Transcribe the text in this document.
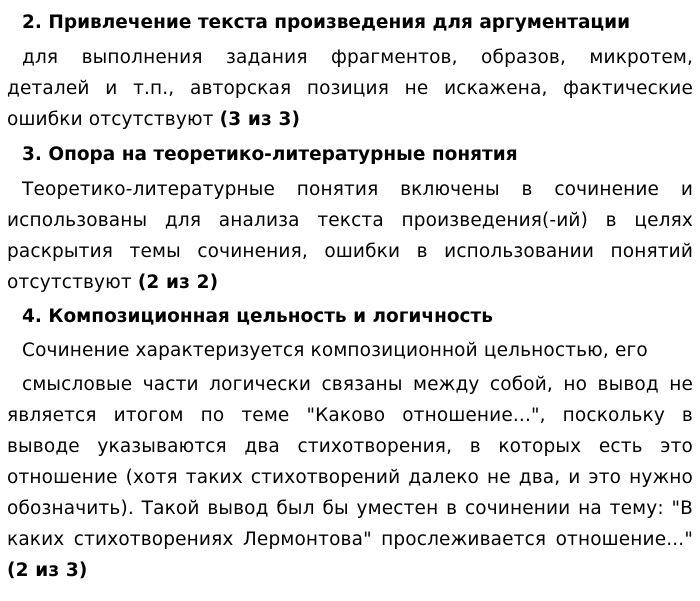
2. Привлечение текста произведения для аргументации

для выполнения задания фрагментов, образов, микротем, деталей и т.п., авторская позиция не искажена, фактические ошибки отсутствуют (3 из 3)

3. Опора на теоретико-литературные понятия

Теоретико-литературные понятия включены в сочинение и использованы для анализа текста произведения(-ий) в целях раскрытия темы сочинения, ошибки в использовании понятий отсутствуют (2 из 2)

4. Композиционная цельность и логичность

Сочинение характеризуется композиционной цельностью, его

смысловые части логически связаны между собой, но вывод не является итогом по теме "Каково отношение...", поскольку в выводе указываются два стихотворения, в которых есть это отношение (хотя таких стихотворений далеко не два, и это нужно обозначить). Такой вывод был бы уместен в сочинении на тему: "В каких стихотворениях Лермонтова" прослеживается отношение..." (2 из 3)
